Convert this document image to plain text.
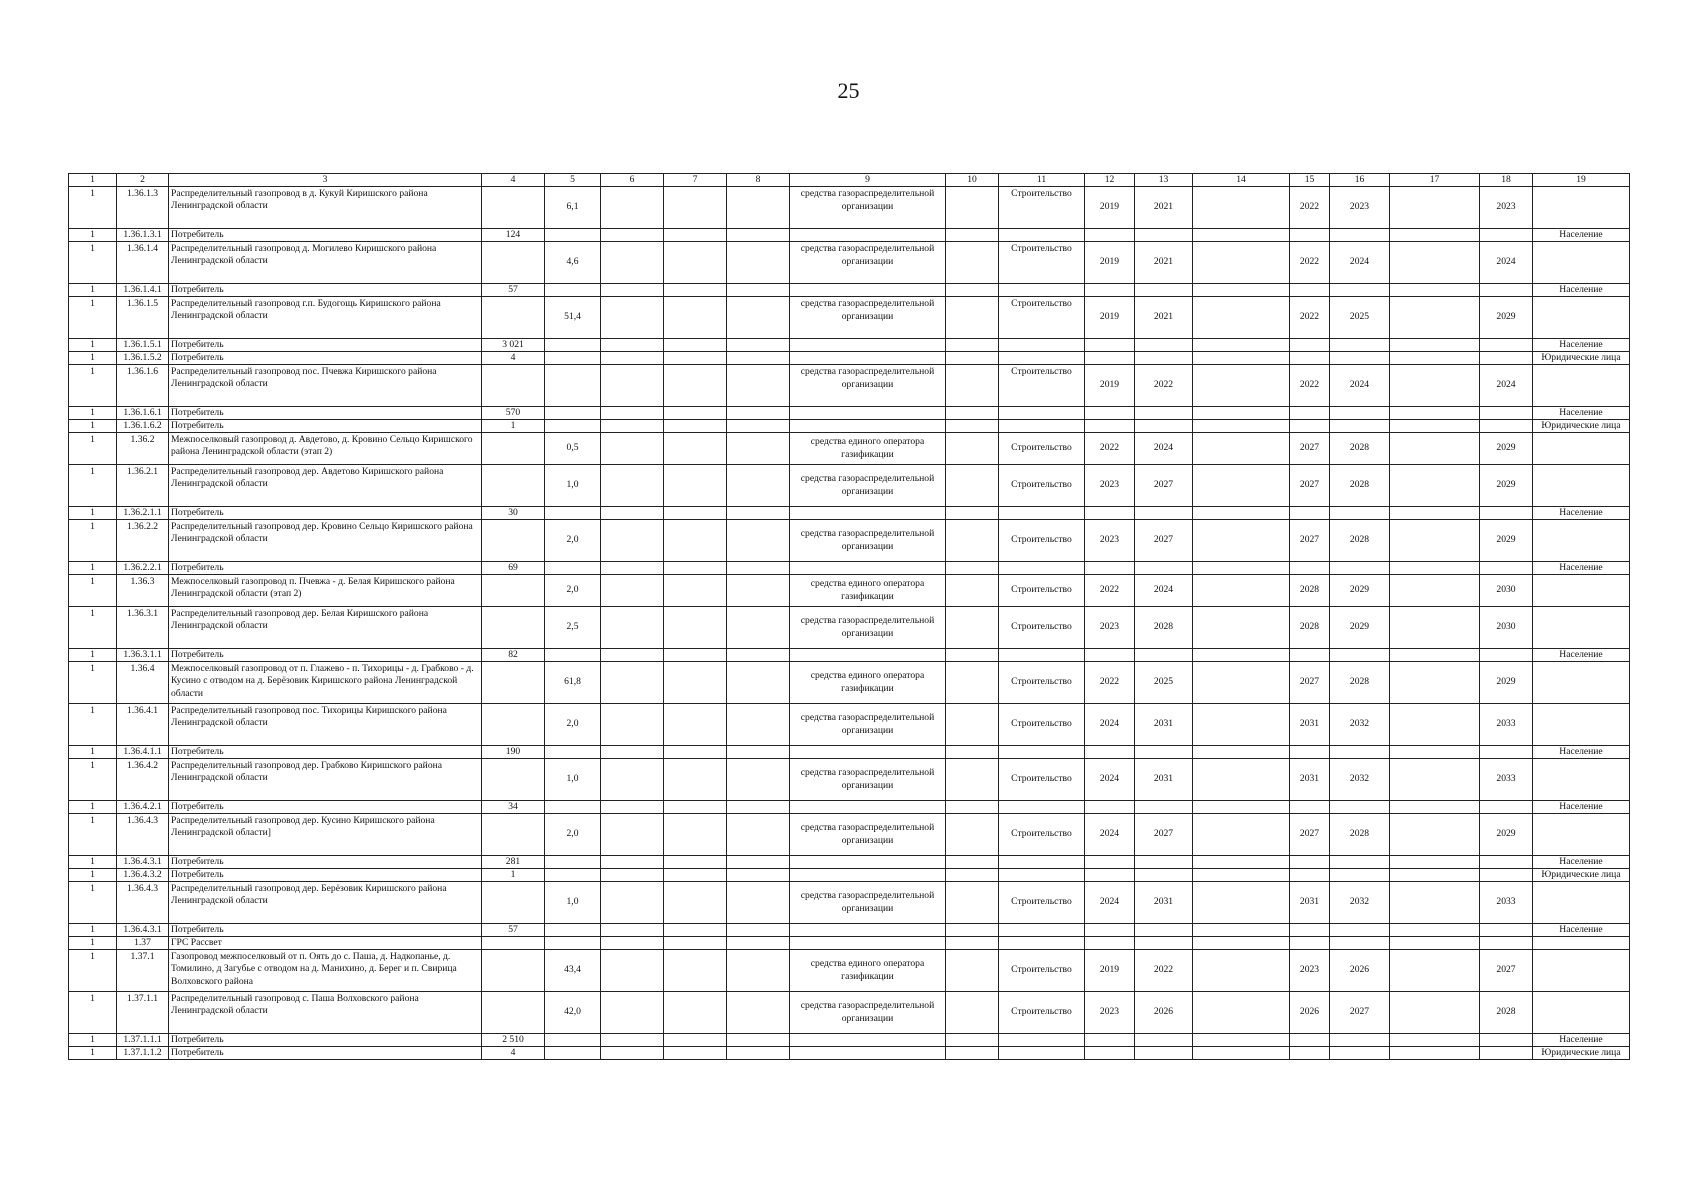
25
1	2	3	4	5	6	7	8	9	10	11	12	13	14	15	16	17	18	19
1	1.36.1.3	Распределительный газопровод в д. Кукуй Киришского района Ленинградской области		6,1				средства газораспределительной организации		Строительство	2019	2021		2022	2023		2023	
1	1.36.1.3.1	Потребитель	124															Население
1	1.36.1.4	Распределительный газопровод д. Могилево Киришского района Ленинградской области		4,6				средства газораспределительной организации		Строительство	2019	2021		2022	2024		2024	
1	1.36.1.4.1	Потребитель	57															Население
1	1.36.1.5	Распределительный газопровод г.п. Будогощь Киришского района Ленинградской области		51,4				средства газораспределительной организации		Строительство	2019	2021		2022	2025		2029	
1	1.36.1.5.1	Потребитель	3 021															Население
1	1.36.1.5.2	Потребитель	4															Юридические лица
1	1.36.1.6	Распределительный газопровод пос. Пчевжа Киришского района Ленинградской области						средства газораспределительной организации		Строительство	2019	2022		2022	2024		2024	
1	1.36.1.6.1	Потребитель	570															Население
1	1.36.1.6.2	Потребитель	1															Юридические лица
1	1.36.2	Межпоселковый газопровод д. Авдетово, д. Кровино Сельцо Киришского района Ленинградской области (этап 2)		0,5				средства единого оператора газификации		Строительство	2022	2024		2027	2028		2029	
1	1.36.2.1	Распределительный газопровод дер. Авдетово Киришского района Ленинградской области		1,0				средства газораспределительной организации		Строительство	2023	2027		2027	2028		2029	
1	1.36.2.1.1	Потребитель	30															Население
1	1.36.2.2	Распределительный газопровод дер. Кровино Сельцо Киришского района Ленинградской области		2,0				средства газораспределительной организации		Строительство	2023	2027		2027	2028		2029	
1	1.36.2.2.1	Потребитель	69															Население
1	1.36.3	Межпоселковый газопровод п. Пчевжа - д. Белая Киришского района Ленинградской области (этап 2)		2,0				средства единого оператора газификации		Строительство	2022	2024		2028	2029		2030	
1	1.36.3.1	Распределительный газопровод дер. Белая Киришского района Ленинградской области		2,5				средства газораспределительной организации		Строительство	2023	2028		2028	2029		2030	
1	1.36.3.1.1	Потребитель	82															Население
1	1.36.4	Межпоселковый газопровод от п. Глажево - п. Тихорицы - д. Грабково - д. Кусино с отводом на д. Берёзовик Киришского района Ленинградской области		61,8				средства единого оператора газификации		Строительство	2022	2025		2027	2028		2029	
1	1.36.4.1	Распределительный газопровод пос. Тихорицы Киришского района Ленинградской области		2,0				средства газораспределительной организации		Строительство	2024	2031		2031	2032		2033	
1	1.36.4.1.1	Потребитель	190															Население
1	1.36.4.2	Распределительный газопровод дер. Грабково Киришского района Ленинградской области		1,0				средства газораспределительной организации		Строительство	2024	2031		2031	2032		2033	
1	1.36.4.2.1	Потребитель	34															Население
1	1.36.4.3	Распределительный газопровод дер. Кусино Киришского района Ленинградской области]		2,0				средства газораспределительной организации		Строительство	2024	2027		2027	2028		2029	
1	1.36.4.3.1	Потребитель	281															Население
1	1.36.4.3.2	Потребитель	1															Юридические лица
1	1.36.4.3	Распределительный газопровод дер. Берёзовик Киришского района Ленинградской области		1,0				средства газораспределительной организации		Строительство	2024	2031		2031	2032		2033	
1	1.36.4.3.1	Потребитель	57															Население
1	1.37	ГРС Рассвет																
1	1.37.1	Газопровод межпоселковый от п. Оять до с. Паша, д. Надкопанье, д. Томилино, д Загубье с отводом на д. Манихино, д. Берег и п. Свирица Волховского района		43,4				средства единого оператора газификации		Строительство	2019	2022		2023	2026		2027	
1	1.37.1.1	Распределительный газопровод с. Паша Волховского района Ленинградской области		42,0				средства газораспределительной организации		Строительство	2023	2026		2026	2027		2028	
1	1.37.1.1.1	Потребитель	2 510															Население
1	1.37.1.1.2	Потребитель	4															Юридические лица
